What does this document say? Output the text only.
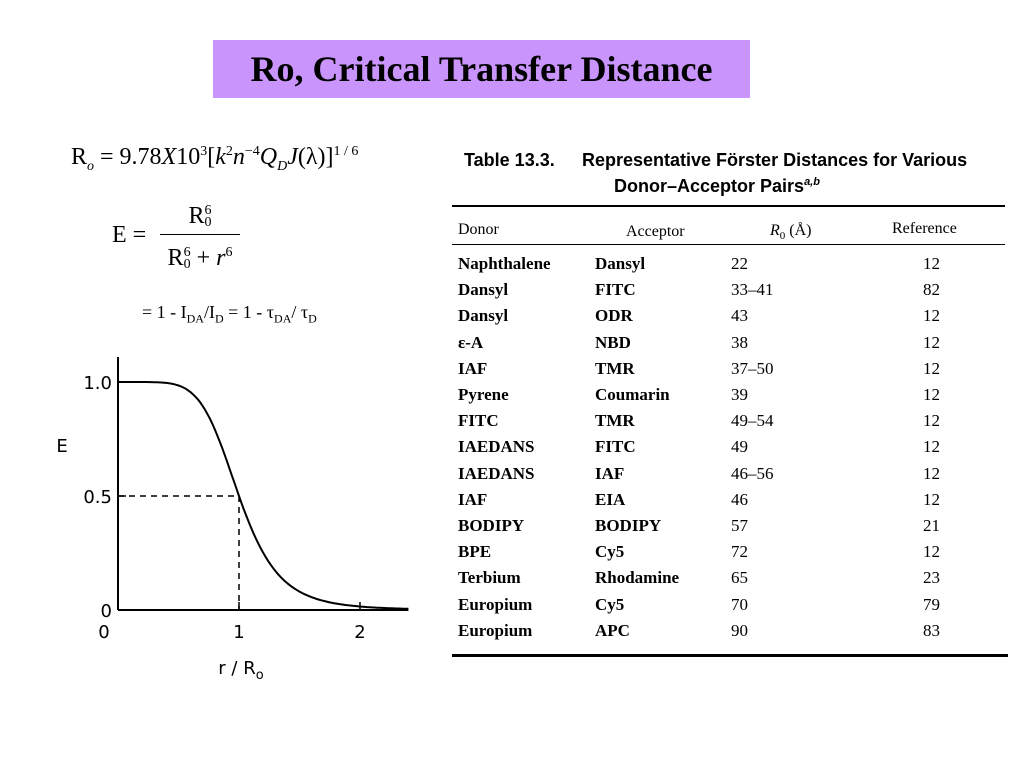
Ro, Critical Transfer Distance
$R_o = 9.78X10^3[k^2n^{-4}Q_DJ(\lambda)]^{1 / 6}$
E =
R 6
0
R 6
$0 + r^6$
= $1 - I_{DA}/I_D = 1 - \tau_{DA}/$ $\tau_D$
1.0
0.5
0
0	1	2
E
r / $R_o$
Table 13.3. Representative Förster Distances for Various
Donor–Acceptor Pairs$^{a,b}$
Donor	Acceptor	$R_0$ (Å)	Reference
Naphthalene	Dansyl	22	12
Dansyl	FITC	33–41	82
Dansyl	ODR	43	12
ε-A	NBD	38	12
IAF	TMR	37–50	12
Pyrene	Coumarin	39	12
FITC	TMR	49–54	12
IAEDANS	FITC	49	12
IAEDANS	IAF	46–56	12
IAF	EIA	46	12
BODIPY	BODIPY	57	21
BPE	Cy5	72	12
Terbium	Rhodamine	65	23
Europium	Cy5	70	79
Europium	APC	90	83
